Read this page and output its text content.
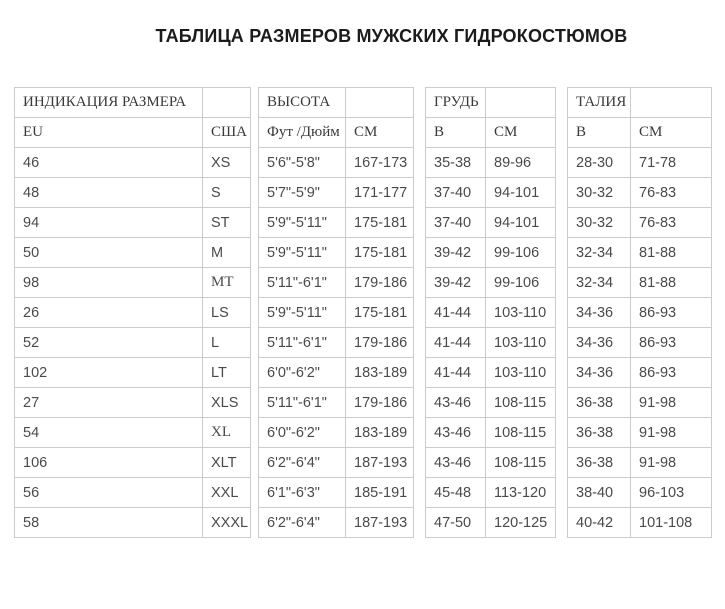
ТАБЛИЦА РАЗМЕРОВ МУЖСКИХ ГИДРОКОСТЮМОВ
ИНДИКАЦИЯ РАЗМЕРА			ВЫСОТА			ГРУДЬ			ТАЛИЯ	
EU	США		Фут /Дюйм	СМ		В	СМ		В	СМ
46	XS		5'6"-5'8"	167-173		35-38	89-96		28-30	71-78
48	S		5'7"-5'9"	171-177		37-40	94-101		30-32	76-83
94	ST		5'9"-5'11"	175-181		37-40	94-101		30-32	76-83
50	M		5'9"-5'11"	175-181		39-42	99-106		32-34	81-88
98	MT		5'11"-6'1"	179-186		39-42	99-106		32-34	81-88
26	LS		5'9"-5'11"	175-181		41-44	103-110		34-36	86-93
52	L		5'11"-6'1"	179-186		41-44	103-110		34-36	86-93
102	LT		6'0"-6'2"	183-189		41-44	103-110		34-36	86-93
27	XLS		5'11"-6'1"	179-186		43-46	108-115		36-38	91-98
54	XL		6'0"-6'2"	183-189		43-46	108-115		36-38	91-98
106	XLT		6'2"-6'4"	187-193		43-46	108-115		36-38	91-98
56	XXL		6'1"-6'3"	185-191		45-48	113-120		38-40	96-103
58	XXXL		6'2"-6'4"	187-193		47-50	120-125		40-42	101-108
